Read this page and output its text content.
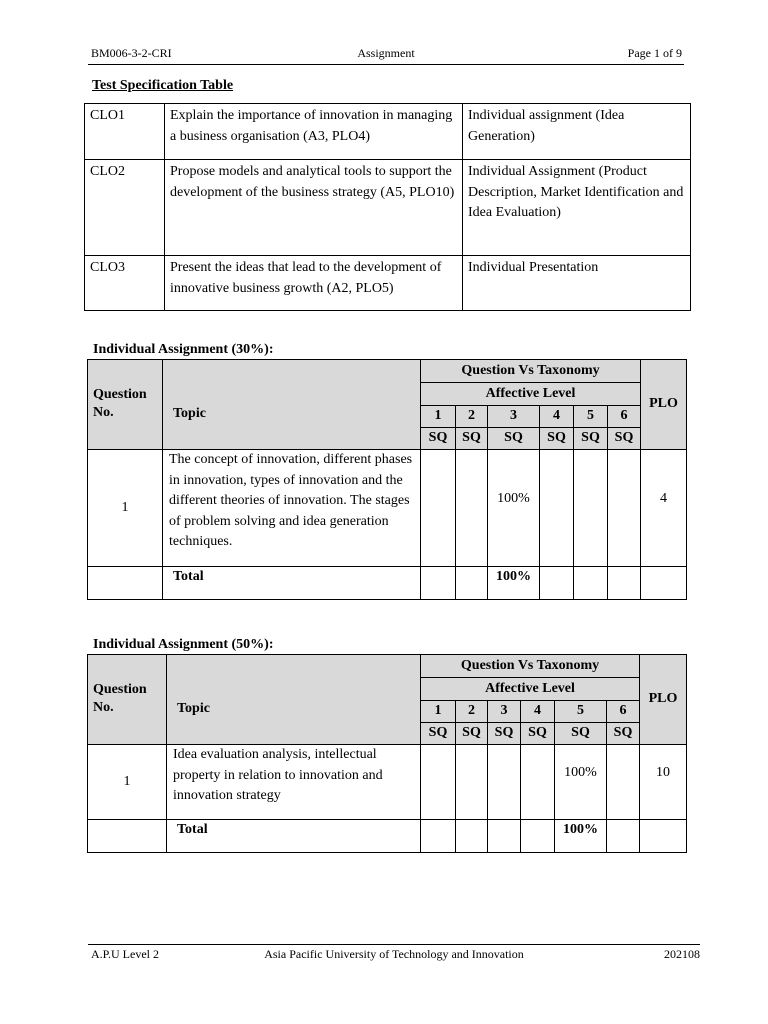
BM006-3-2-CRI	Assignment	Page 1 of 9
Test Specification Table
CLO1	Explain the importance of innovation in managing a business organisation (A3, PLO4)	Individual assignment (Idea Generation)
CLO2	Propose models and analytical tools to support the development of the business strategy (A5, PLO10)	Individual Assignment (Product Description, Market Identification and Idea Evaluation)
CLO3	Present the ideas that lead to the development of innovative business growth (A2, PLO5)	Individual Presentation
Individual Assignment (30%):
Question No.	Topic	Question Vs Taxonomy						PLO
		Affective Level						
		1	2	3	4	5	6	
		SQ	SQ	SQ	SQ	SQ	SQ	
1	The concept of innovation, different phases in innovation, types of innovation and the different theories of innovation. The stages of problem solving and idea generation techniques.			100%				4
	Total			100%				
Individual Assignment (50%):
Question No.	Topic	Question Vs Taxonomy						PLO
		Affective Level						
		1	2	3	4	5	6	
		SQ	SQ	SQ	SQ	SQ	SQ	
1	Idea evaluation analysis, intellectual property in relation to innovation and innovation strategy					100%		10
	Total					100%		
A.P.U Level 2	Asia Pacific University of Technology and Innovation	202108
